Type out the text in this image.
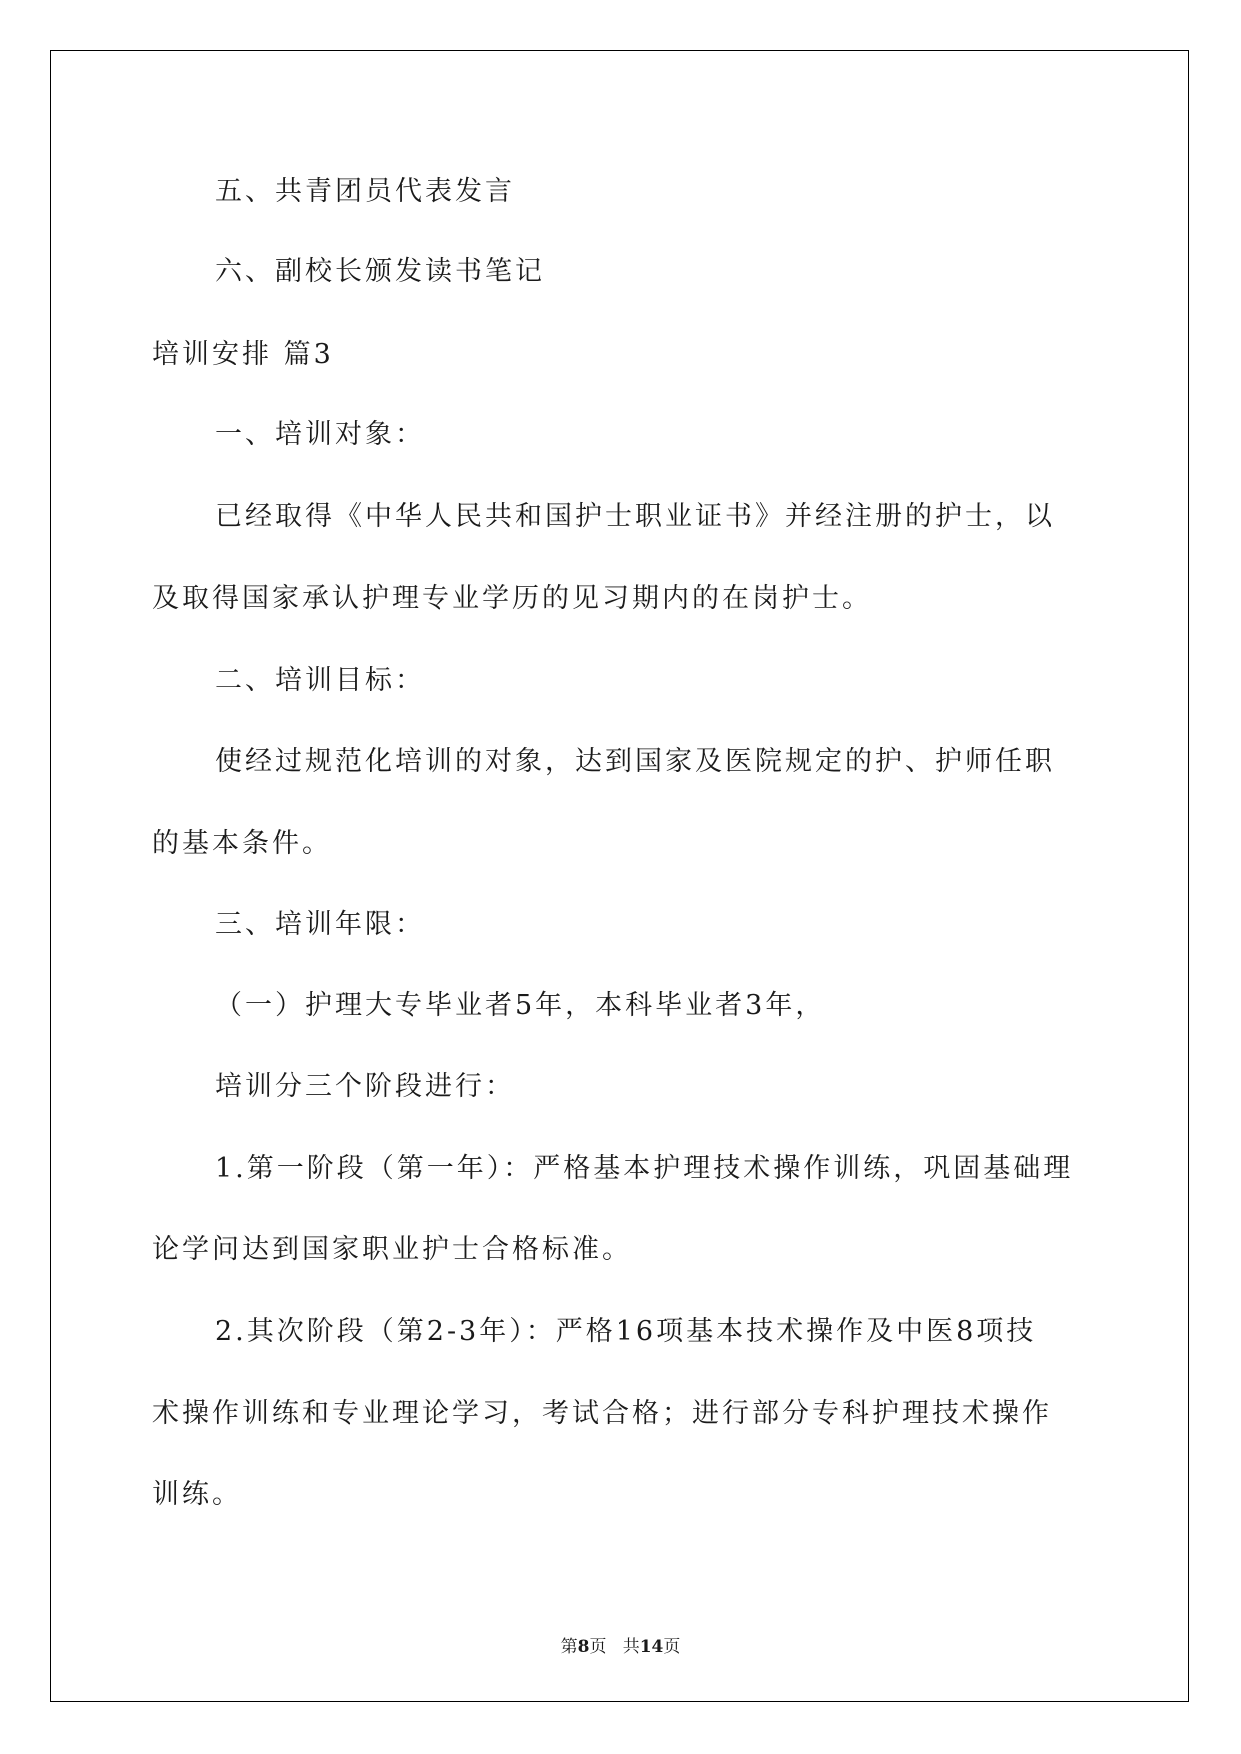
五、共青团员代表发言
六、副校长颁发读书笔记
培训安排 篇3
一、培训对象：
已经取得《中华人民共和国护士职业证书》并经注册的护士，以
及取得国家承认护理专业学历的见习期内的在岗护士。
二、培训目标：
使经过规范化培训的对象，达到国家及医院规定的护、护师任职
的基本条件。
三、培训年限：
（一）护理大专毕业者5年，本科毕业者3年，
培训分三个阶段进行：
1.第一阶段（第一年）：严格基本护理技术操作训练，巩固基础理
论学问达到国家职业护士合格标准。
2.其次阶段（第2-3年）：严格16项基本技术操作及中医8项技
术操作训练和专业理论学习，考试合格；进行部分专科护理技术操作
训练。
第8页 共14页
